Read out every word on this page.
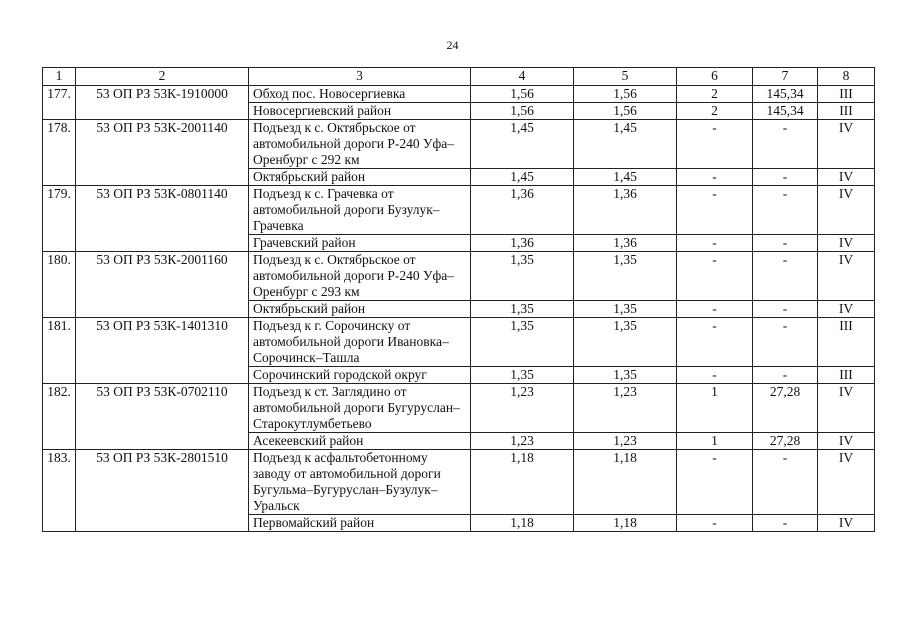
24
1	2	3	4	5	6	7	8
177.	53 ОП РЗ 53К-1910000	Обход пос. Новосергиевка	1,56	1,56	2	145,34	III
		Новосергиевский район	1,56	1,56	2	145,34	III
178.	53 ОП РЗ 53К-2001140	Подъезд к с. Октябрьское от автомобильной дороги Р-240 Уфа–Оренбург с 292 км	1,45	1,45	-	-	IV
		Октябрьский район	1,45	1,45	-	-	IV
179.	53 ОП РЗ 53К-0801140	Подъезд к с. Грачевка от автомобильной дороги Бузулук–Грачевка	1,36	1,36	-	-	IV
		Грачевский район	1,36	1,36	-	-	IV
180.	53 ОП РЗ 53К-2001160	Подъезд к с. Октябрьское от автомобильной дороги Р-240 Уфа–Оренбург с 293 км	1,35	1,35	-	-	IV
		Октябрьский район	1,35	1,35	-	-	IV
181.	53 ОП РЗ 53К-1401310	Подъезд к г. Сорочинску от автомобильной дороги Ивановка–Сорочинск–Ташла	1,35	1,35	-	-	III
		Сорочинский городской округ	1,35	1,35	-	-	III
182.	53 ОП РЗ 53К-0702110	Подъезд к ст. Заглядино от автомобильной дороги Бугуруслан–Старокутлумбетьево	1,23	1,23	1	27,28	IV
		Асекеевский район	1,23	1,23	1	27,28	IV
183.	53 ОП РЗ 53К-2801510	Подъезд к асфальтобетонному заводу от автомобильной дороги Бугульма–Бугуруслан–Бузулук–Уральск	1,18	1,18	-	-	IV
		Первомайский район	1,18	1,18	-	-	IV
